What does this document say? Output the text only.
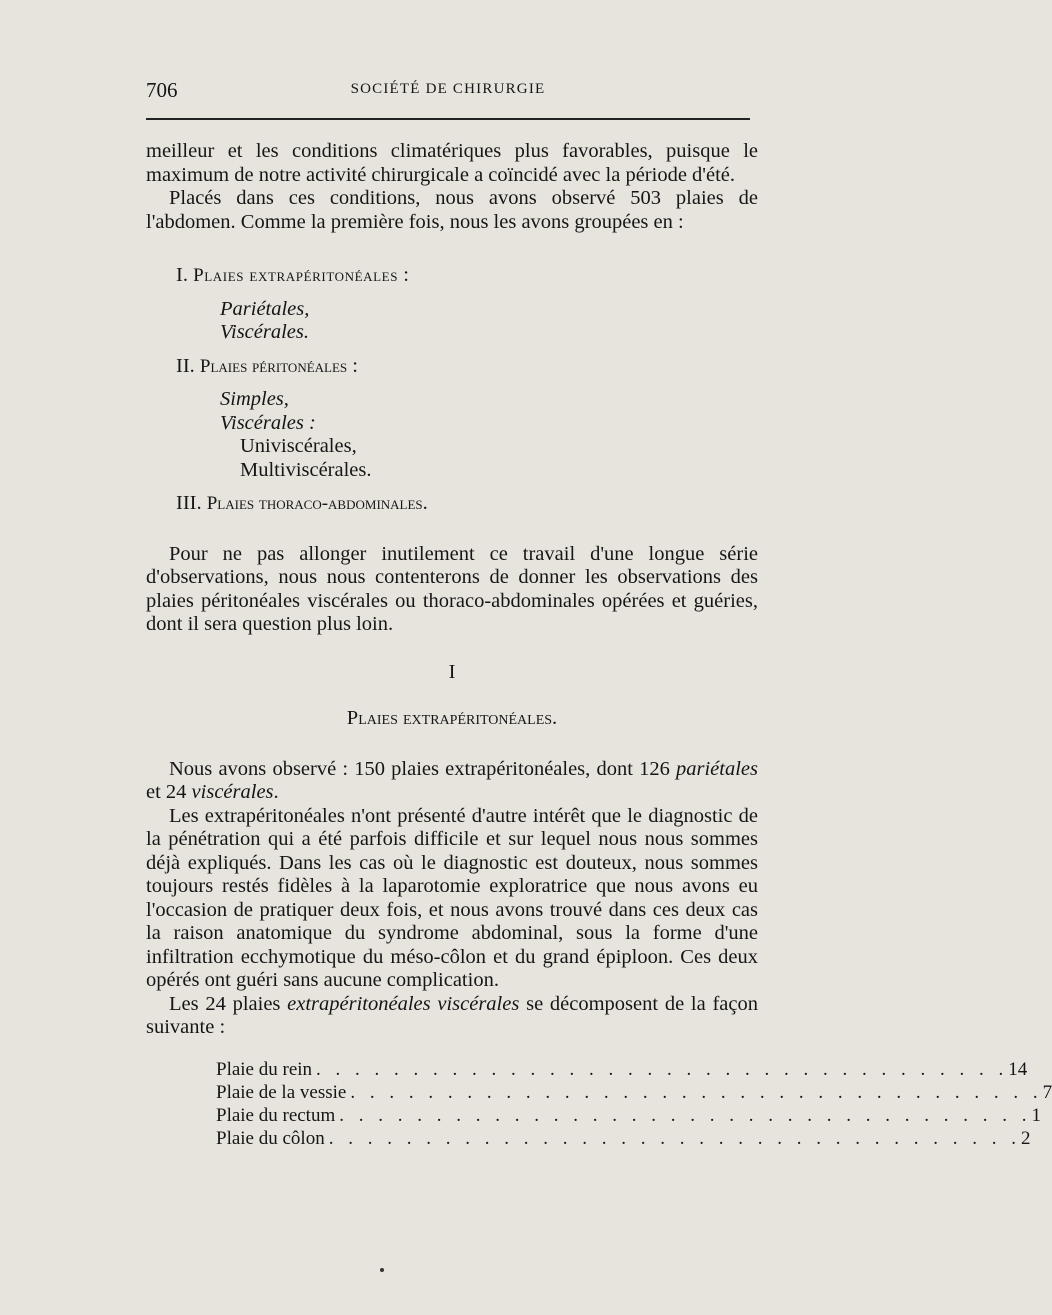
706	SOCIÉTÉ DE CHIRURGIE

meilleur et les conditions climatériques plus favorables, puisque le maximum de notre activité chirurgicale a coïncidé avec la période d'été.

Placés dans ces conditions, nous avons observé 503 plaies de l'abdomen. Comme la première fois, nous les avons groupées en :

I. Plaies extrapéritonéales :

Pariétales,

Viscérales.

II. Plaies péritonéales :

Simples,

Viscérales :

Univiscérales,

Multiviscérales.

III. Plaies thoraco-abdominales.

Pour ne pas allonger inutilement ce travail d'une longue série d'observations, nous nous contenterons de donner les observations des plaies péritonéales viscérales ou thoraco-abdominales opérées et guéries, dont il sera question plus loin.

I
Plaies extrapéritonéales.

Nous avons observé : 150 plaies extrapéritonéales, dont 126 pariétales et 24 viscérales.

Les extrapéritonéales n'ont présenté d'autre intérêt que le diagnostic de la pénétration qui a été parfois difficile et sur lequel nous nous sommes déjà expliqués. Dans les cas où le diagnostic est douteux, nous sommes toujours restés fidèles à la laparotomie exploratrice que nous avons eu l'occasion de pratiquer deux fois, et nous avons trouvé dans ces deux cas la raison anatomique du syndrome abdominal, sous la forme d'une infiltration ecchymotique du méso-côlon et du grand épiploon. Ces deux opérés ont guéri sans aucune complication.

Les 24 plaies extrapéritonéales viscérales se décomposent de la façon suivante :

Plaie du rein . . . . . . . . . . . . . . . . . . . . . . . . . . . . . . . . . . . . 14
Plaie de la vessie . . . . . . . . . . . . . . . . . . . . . . . . . . . . . . . . . . . . 7
Plaie du rectum . . . . . . . . . . . . . . . . . . . . . . . . . . . . . . . . . . . . 1
Plaie du côlon . . . . . . . . . . . . . . . . . . . . . . . . . . . . . . . . . . . . 2
